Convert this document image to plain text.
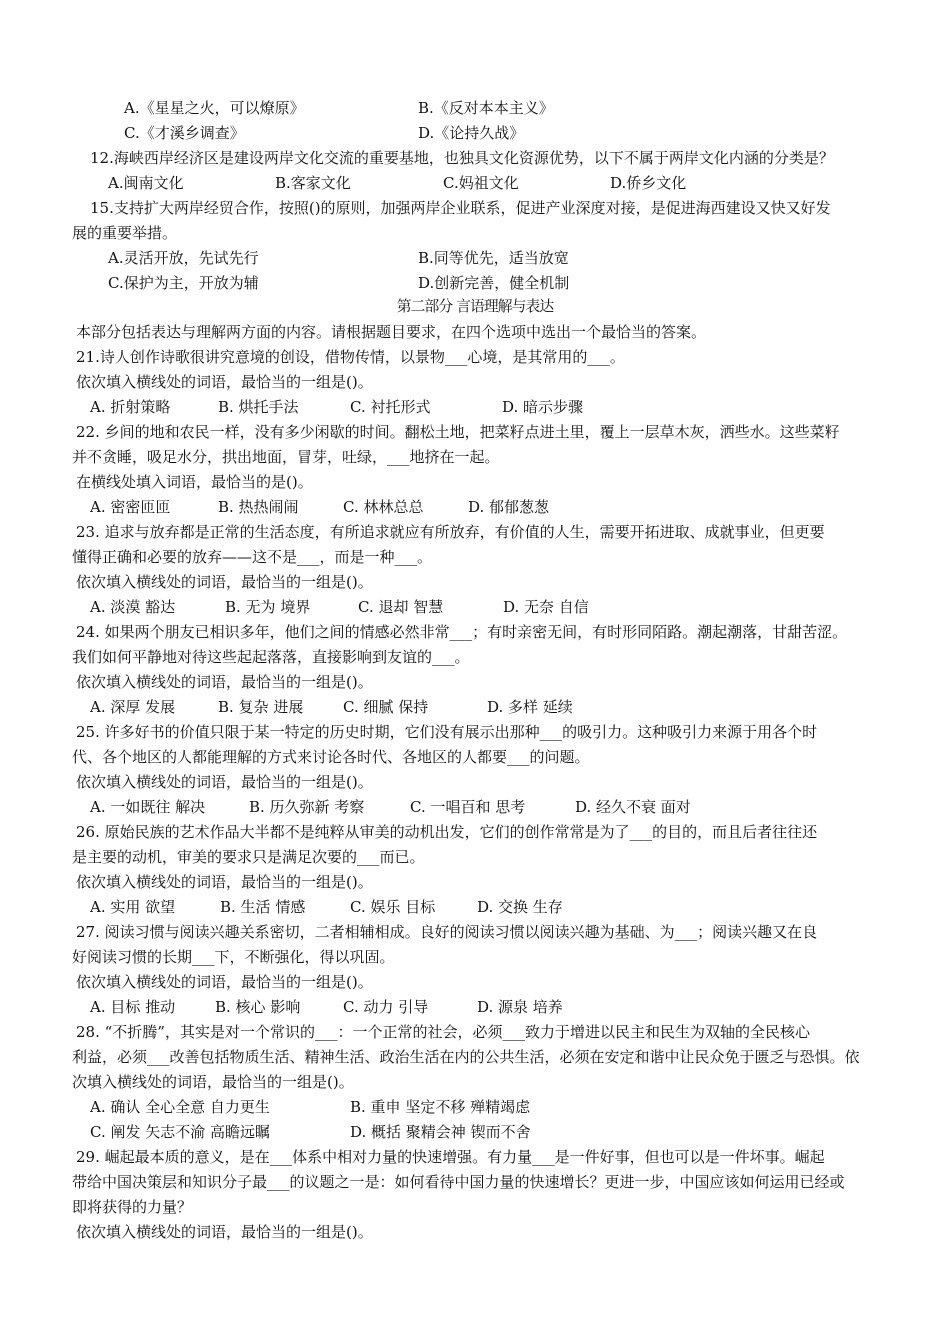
A.《星星之火，可以燎原》	B.《反对本本主义》
C.《才溪乡调查》	D.《论持久战》
12.海峡西岸经济区是建设两岸文化交流的重要基地，也独具文化资源优势，以下不属于两岸文化内涵的分类是？
A.闽南文化	B.客家文化	C.妈祖文化	D.侨乡文化
15.支持扩大两岸经贸合作，按照()的原则，加强两岸企业联系，促进产业深度对接，是促进海西建设又快又好发
展的重要举措。
A.灵活开放，先试先行	B.同等优先，适当放宽
C.保护为主，开放为辅	D.创新完善，健全机制
第二部分 言语理解与表达
本部分包括表达与理解两方面的内容。请根据题目要求，在四个选项中选出一个最恰当的答案。
21.诗人创作诗歌很讲究意境的创设，借物传情，以景物___心境，是其常用的___。
依次填入横线处的词语，最恰当的一组是()。
A. 折射策略	B. 烘托手法	C. 衬托形式	D. 暗示步骤
22. 乡间的地和农民一样，没有多少闲歇的时间。翻松土地，把菜籽点进土里，覆上一层草木灰，洒些水。这些菜籽
并不贪睡，吸足水分，拱出地面，冒芽，吐绿，___地挤在一起。
在横线处填入词语，最恰当的是()。
A. 密密匝匝	B. 热热闹闹	C. 林林总总	D. 郁郁葱葱
23. 追求与放弃都是正常的生活态度，有所追求就应有所放弃，有价值的人生，需要开拓进取、成就事业，但更要
懂得正确和必要的放弃——这不是___，而是一种___。
依次填入横线处的词语，最恰当的一组是()。
A. 淡漠 豁达	B. 无为 境界	C. 退却 智慧	D. 无奈 自信
24. 如果两个朋友已相识多年，他们之间的情感必然非常___；有时亲密无间，有时形同陌路。潮起潮落，甘甜苦涩。
我们如何平静地对待这些起起落落，直接影响到友谊的___。
依次填入横线处的词语，最恰当的一组是()。
A. 深厚 发展	B. 复杂 进展	C. 细腻 保持	D. 多样 延续
25. 许多好书的价值只限于某一特定的历史时期，它们没有展示出那种___的吸引力。这种吸引力来源于用各个时
代、各个地区的人都能理解的方式来讨论各时代、各地区的人都要___的问题。
依次填入横线处的词语，最恰当的一组是()。
A. 一如既往 解决	B. 历久弥新 考察	C. 一唱百和 思考	D. 经久不衰 面对
26. 原始民族的艺术作品大半都不是纯粹从审美的动机出发，它们的创作常常是为了___的目的，而且后者往往还
是主要的动机，审美的要求只是满足次要的___而已。
依次填入横线处的词语，最恰当的一组是()。
A. 实用 欲望	B. 生活 情感	C. 娱乐 目标	D. 交换 生存
27. 阅读习惯与阅读兴趣关系密切，二者相辅相成。良好的阅读习惯以阅读兴趣为基础、为___；阅读兴趣又在良
好阅读习惯的长期___下，不断强化，得以巩固。
依次填入横线处的词语，最恰当的一组是()。
A. 目标 推动	B. 核心 影响	C. 动力 引导	D. 源泉 培养
28. “不折腾”，其实是对一个常识的___：一个正常的社会，必须___致力于增进以民主和民生为双轴的全民核心
利益，必须___改善包括物质生活、精神生活、政治生活在内的公共生活，必须在安定和谐中让民众免于匮乏与恐惧。依
次填入横线处的词语，最恰当的一组是()。
A. 确认 全心全意 自力更生	B. 重申 坚定不移 殚精竭虑
C. 阐发 矢志不渝 高瞻远瞩	D. 概括 聚精会神 锲而不舍
29. 崛起最本质的意义，是在___体系中相对力量的快速增强。有力量___是一件好事，但也可以是一件坏事。崛起
带给中国决策层和知识分子最___的议题之一是：如何看待中国力量的快速增长？更进一步，中国应该如何运用已经或
即将获得的力量？
依次填入横线处的词语，最恰当的一组是()。
